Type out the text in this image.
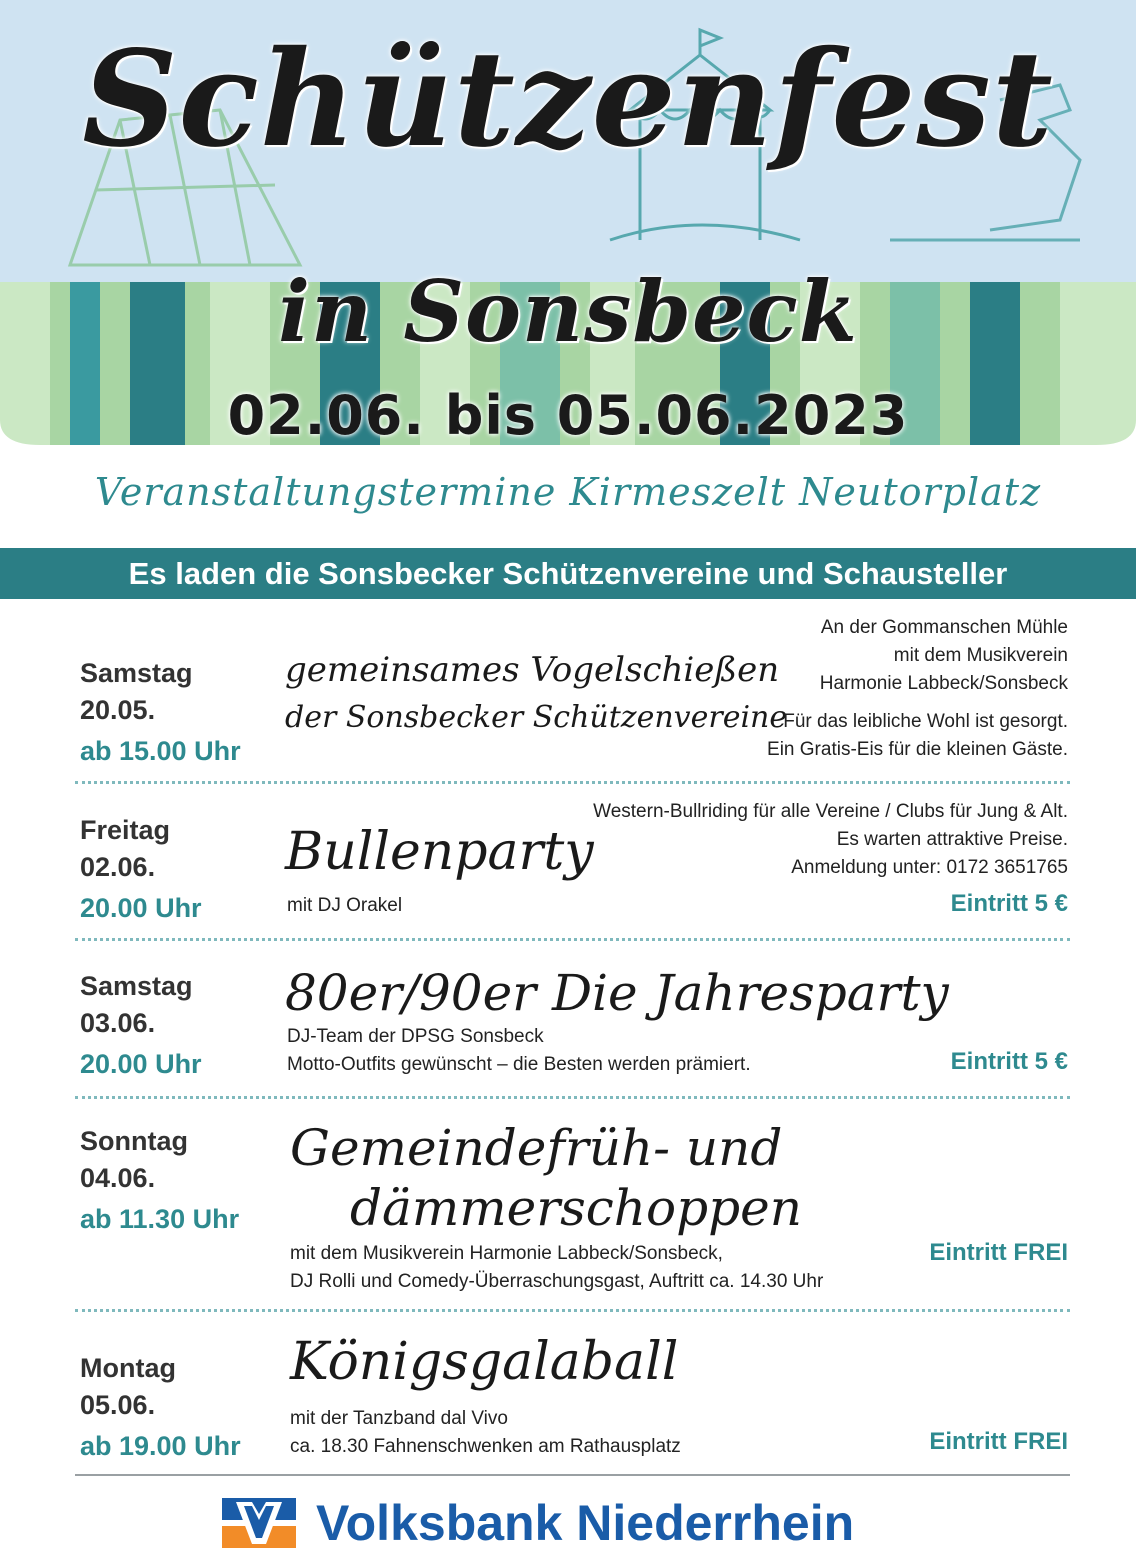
Schützenfest
in Sonsbeck
02.06. bis 05.06.2023
Veranstaltungstermine Kirmeszelt Neutorplatz
Es laden die Sonsbecker Schützenvereine und Schausteller
Samstag
20.05.
ab 15.00 Uhr
gemeinsames Vogelschießen
der Sonsbecker Schützenvereine
An der Gommanschen Mühle
mit dem Musikverein
Harmonie Labbeck/Sonsbeck
Für das leibliche Wohl ist gesorgt.
Ein Gratis-Eis für die kleinen Gäste.
Freitag
02.06.
20.00 Uhr
Bullenparty
mit DJ Orakel
Western-Bullriding für alle Vereine / Clubs für Jung & Alt.
Es warten attraktive Preise.
Anmeldung unter: 0172 3651765
Eintritt 5 €
Samstag
03.06.
20.00 Uhr
80er/90er Die Jahresparty
DJ-Team der DPSG Sonsbeck
Motto-Outfits gewünscht – die Besten werden prämiert.	Eintritt 5 €
Sonntag
04.06.
ab 11.30 Uhr
Gemeindefrüh- und
dämmerschoppen
mit dem Musikverein Harmonie Labbeck/Sonsbeck,
DJ Rolli und Comedy-Überraschungsgast, Auftritt ca. 14.30 Uhr
Eintritt FREI
Montag
05.06.
ab 19.00 Uhr
Königsgalaball
mit der Tanzband dal Vivo
ca. 18.30 Fahnenschwenken am Rathausplatz	Eintritt FREI
Volksbank Niederrhein
